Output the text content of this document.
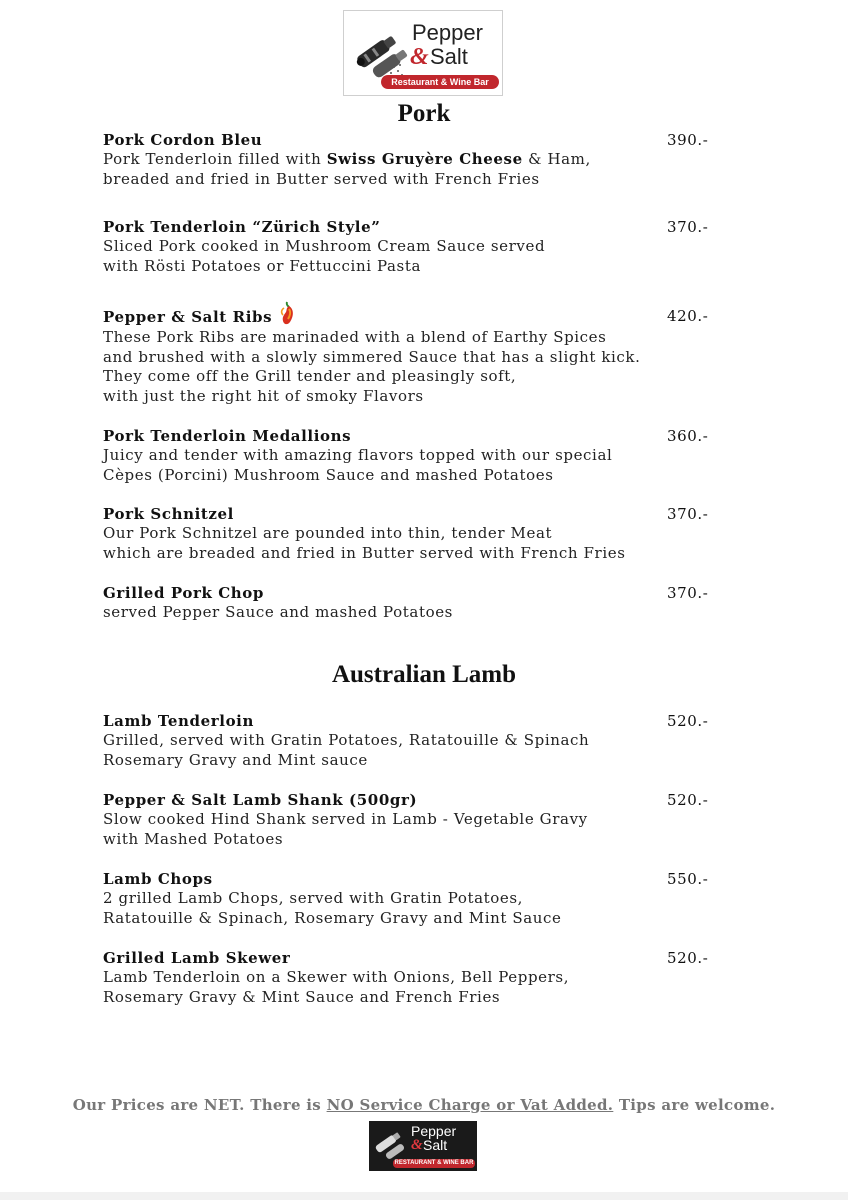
Pepper
& Salt
Restaurant & Wine Bar
Pork
Pork Cordon Bleu
Pork Tenderloin filled with Swiss Gruyère Cheese & Ham,
breaded and fried in Butter served with French Fries
390.-
Pork Tenderloin “Zürich Style”
Sliced Pork cooked in Mushroom Cream Sauce served
with Rösti Potatoes or Fettuccini Pasta
370.-
Pepper & Salt Ribs
These Pork Ribs are marinaded with a blend of Earthy Spices
and brushed with a slowly simmered Sauce that has a slight kick.
They come off the Grill tender and pleasingly soft,
with just the right hit of smoky Flavors
420.-
Pork Tenderloin Medallions
Juicy and tender with amazing flavors topped with our special
Cèpes (Porcini) Mushroom Sauce and mashed Potatoes
360.-
Pork Schnitzel
Our Pork Schnitzel are pounded into thin, tender Meat
which are breaded and fried in Butter served with French Fries
370.-
Grilled Pork Chop
served Pepper Sauce and mashed Potatoes
370.-
Australian Lamb
Lamb Tenderloin
Grilled, served with Gratin Potatoes, Ratatouille & Spinach
Rosemary Gravy and Mint sauce
520.-
Pepper & Salt Lamb Shank (500gr)
Slow cooked Hind Shank served in Lamb - Vegetable Gravy
with Mashed Potatoes
520.-
Lamb Chops
2 grilled Lamb Chops, served with Gratin Potatoes,
Ratatouille & Spinach, Rosemary Gravy and Mint Sauce
550.-
Grilled Lamb Skewer
Lamb Tenderloin on a Skewer with Onions, Bell Peppers,
Rosemary Gravy & Mint Sauce and French Fries
520.-
Our Prices are NET. There is NO Service Charge or Vat Added. Tips are welcome.
Pepper
& Salt
RESTAURANT & WINE BAR
